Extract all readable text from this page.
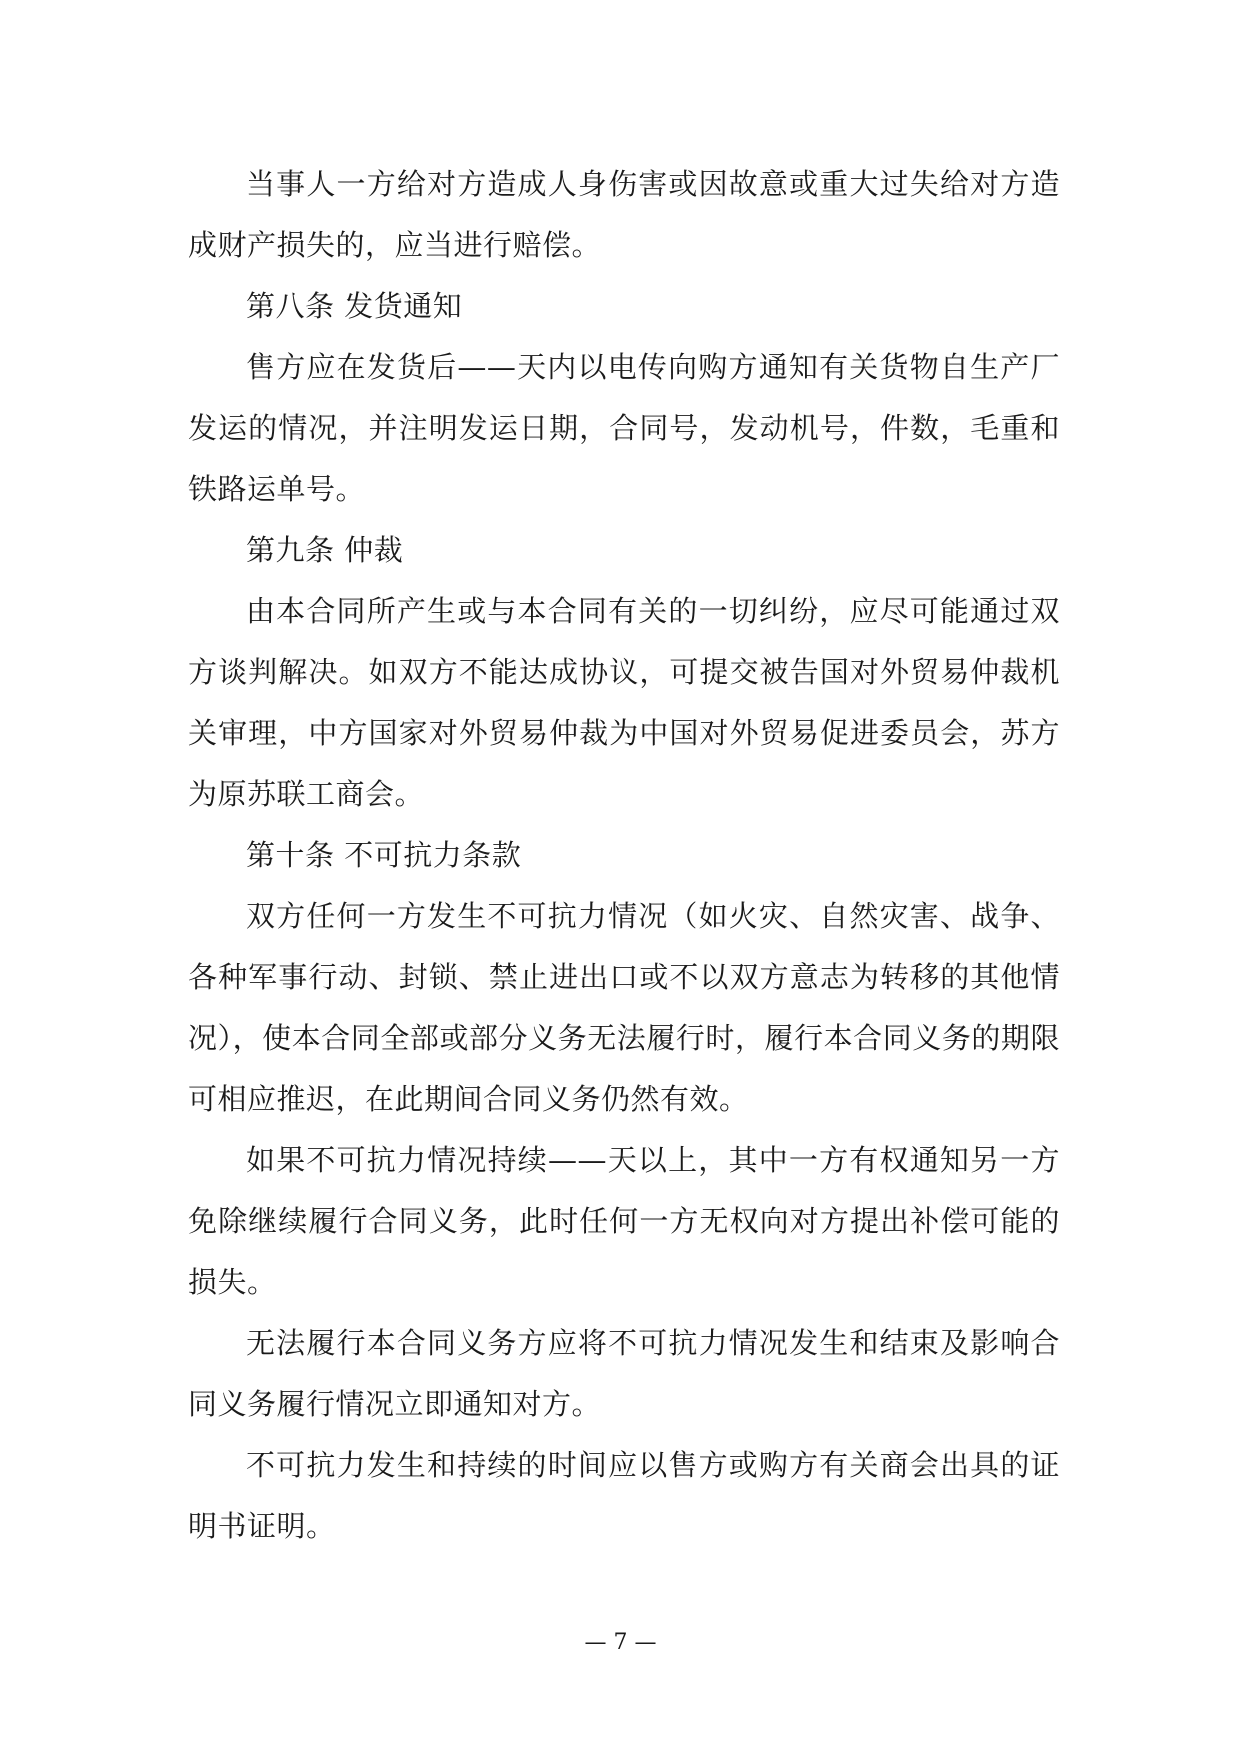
当事人一方给对方造成人身伤害或因故意或重大过失给对方造成财产损失的，应当进行赔偿。

第八条 发货通知

售方应在发货后——天内以电传向购方通知有关货物自生产厂发运的情况，并注明发运日期，合同号，发动机号，件数，毛重和铁路运单号。

第九条 仲裁

由本合同所产生或与本合同有关的一切纠纷，应尽可能通过双方谈判解决。如双方不能达成协议，可提交被告国对外贸易仲裁机关审理，中方国家对外贸易仲裁为中国对外贸易促进委员会，苏方为原苏联工商会。

第十条 不可抗力条款

双方任何一方发生不可抗力情况（如火灾、自然灾害、战争、各种军事行动、封锁、禁止进出口或不以双方意志为转移的其他情况），使本合同全部或部分义务无法履行时，履行本合同义务的期限可相应推迟，在此期间合同义务仍然有效。

如果不可抗力情况持续——天以上，其中一方有权通知另一方免除继续履行合同义务，此时任何一方无权向对方提出补偿可能的损失。

无法履行本合同义务方应将不可抗力情况发生和结束及影响合同义务履行情况立即通知对方。

不可抗力发生和持续的时间应以售方或购方有关商会出具的证明书证明。

— 7 —
